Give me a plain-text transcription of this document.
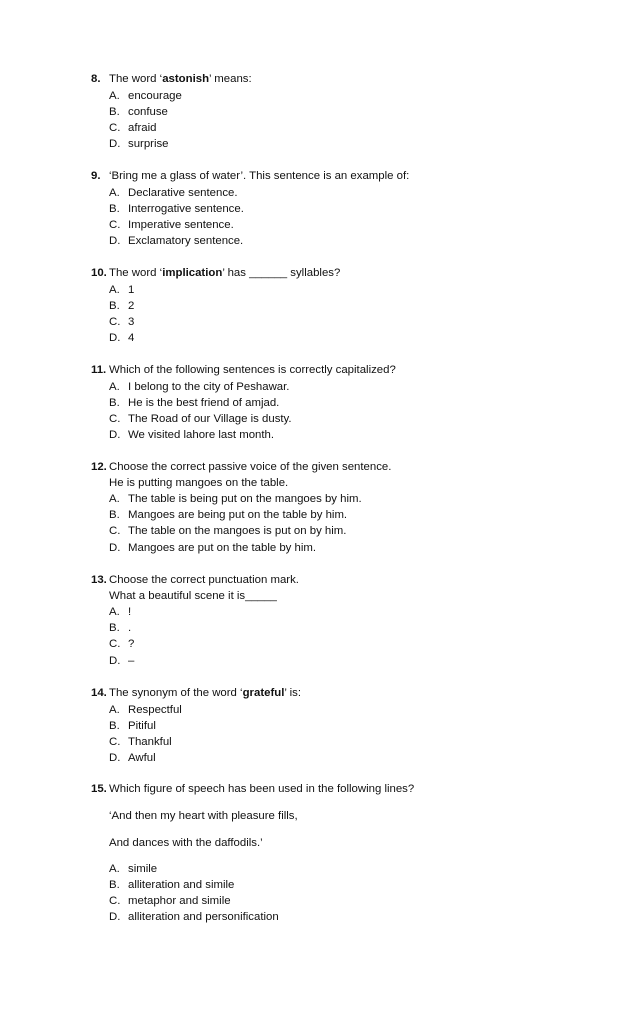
8. The word ‘astonish’ means:
A. encourage
B. confuse
C. afraid
D. surprise
9. ‘Bring me a glass of water’. This sentence is an example of:
A. Declarative sentence.
B. Interrogative sentence.
C. Imperative sentence.
D. Exclamatory sentence.
10. The word ‘implication’ has ______ syllables?
A. 1
B. 2
C. 3
D. 4
11. Which of the following sentences is correctly capitalized?
A. I belong to the city of Peshawar.
B. He is the best friend of amjad.
C. The Road of our Village is dusty.
D. We visited lahore last month.
12. Choose the correct passive voice of the given sentence.
He is putting mangoes on the table.
A. The table is being put on the mangoes by him.
B. Mangoes are being put on the table by him.
C. The table on the mangoes is put on by him.
D. Mangoes are put on the table by him.
13. Choose the correct punctuation mark.
What a beautiful scene it is_____
A. !
B. .
C. ?
D. –
14. The synonym of the word ‘grateful’ is:
A. Respectful
B. Pitiful
C. Thankful
D. Awful
15. Which figure of speech has been used in the following lines?
‘And then my heart with pleasure fills,
And dances with the daffodils.’
A. simile
B. alliteration and simile
C. metaphor and simile
D. alliteration and personification
